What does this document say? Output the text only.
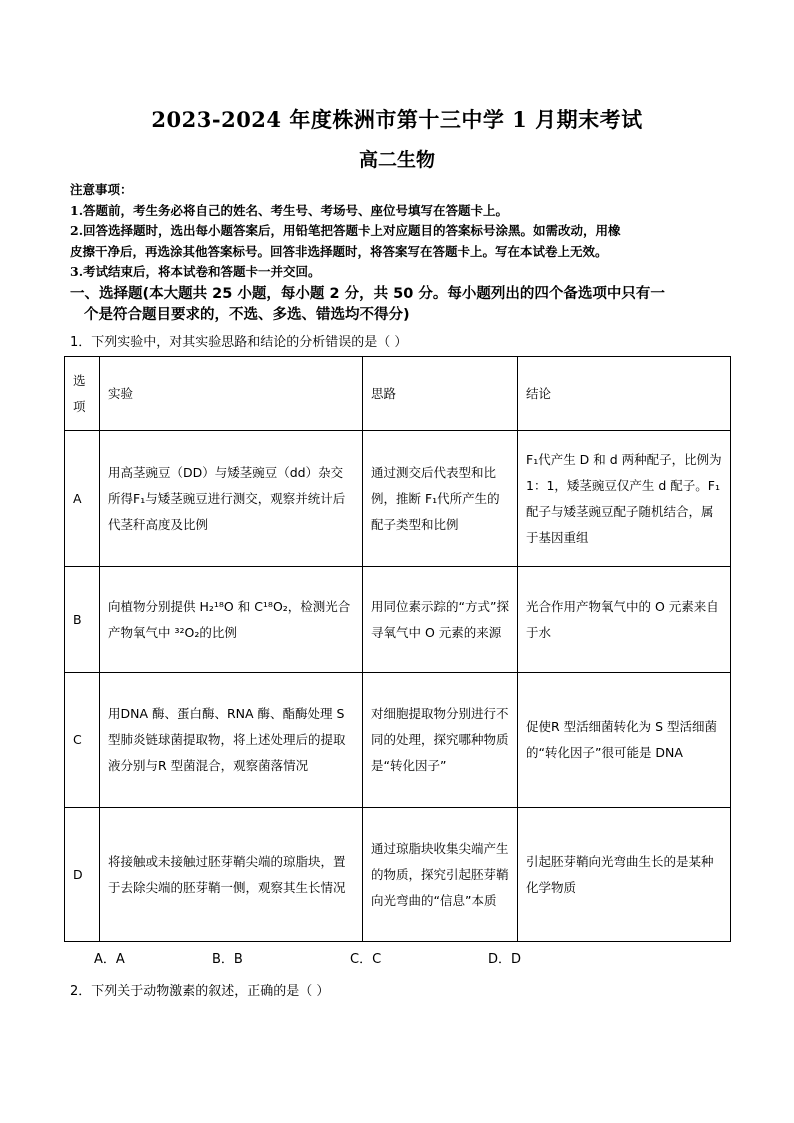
2023-2024 年度株洲市第十三中学 1 月期末考试
高二生物
注意事项：
1.答题前，考生务必将自己的姓名、考生号、考场号、座位号填写在答题卡上。
2.回答选择题时，选出每小题答案后，用铅笔把答题卡上对应题目的答案标号涂黑。如需改动，用橡
皮擦干净后，再选涂其他答案标号。回答非选择题时，将答案写在答题卡上。写在本试卷上无效。
3.考试结束后，将本试卷和答题卡一并交回。
一、选择题(本大题共 25 小题，每小题 2 分，共 50 分。每小题列出的四个备选项中只有一
个是符合题目要求的，不选、多选、错选均不得分)
1．下列实验中，对其实验思路和结论的分析错误的是（ ）
选项	实验	思路	结论
A	用高茎豌豆（DD）与矮茎豌豆（dd）杂交所得F₁与矮茎豌豆进行测交，观察并统计后代茎秆高度及比例	通过测交后代表型和比例，推断 F₁代所产生的配子类型和比例	F₁代产生 D 和 d 两种配子，比例为 1：1，矮茎豌豆仅产生 d 配子。F₁配子与矮茎豌豆配子随机结合，属于基因重组
B	向植物分别提供 H₂¹⁸O 和 C¹⁸O₂，检测光合产物氧气中 ³²O₂的比例	用同位素示踪的“方式”探寻氧气中 O 元素的来源	光合作用产物氧气中的 O 元素来自于水
C	用DNA 酶、蛋白酶、RNA 酶、酯酶处理 S 型肺炎链球菌提取物，将上述处理后的提取液分别与R 型菌混合，观察菌落情况	对细胞提取物分别进行不同的处理，探究哪种物质是“转化因子”	促使R 型活细菌转化为 S 型活细菌的“转化因子”很可能是 DNA
D	将接触或未接触过胚芽鞘尖端的琼脂块，置于去除尖端的胚芽鞘一侧，观察其生长情况	通过琼脂块收集尖端产生的物质，探究引起胚芽鞘向光弯曲的“信息”本质	引起胚芽鞘向光弯曲生长的是某种化学物质
A．A	B．B	C．C	D．D
2．下列关于动物激素的叙述，正确的是（ ）
